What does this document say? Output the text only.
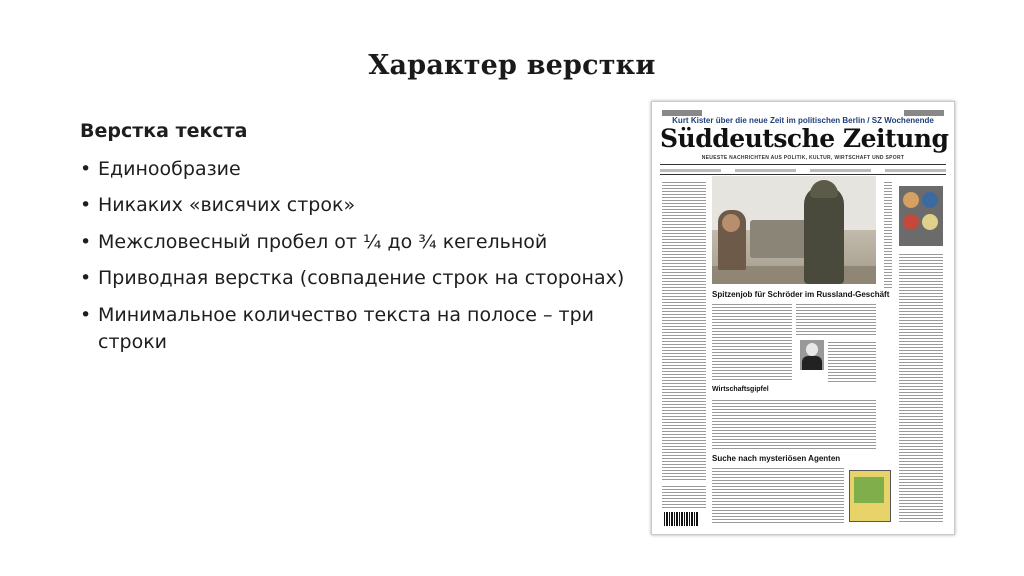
Характер верстки
Верстка текста
• Единообразие
• Никаких «висячих строк»
• Межсловесный пробел от ¼ до ¾ кегельной
• Приводная верстка (совпадение строк на сторонах)
• Минимальное количество текста на полосе – три строки
Kurt Kister über die neue Zeit im politischen Berlin / SZ Wochenende
Süddeutsche Zeitung
NEUESTE NACHRICHTEN AUS POLITIK, KULTUR, WIRTSCHAFT UND SPORT
Spitzenjob für Schröder im Russland-Geschäft
Wirtschaftsgipfel
Suche nach mysteriösen Agenten
